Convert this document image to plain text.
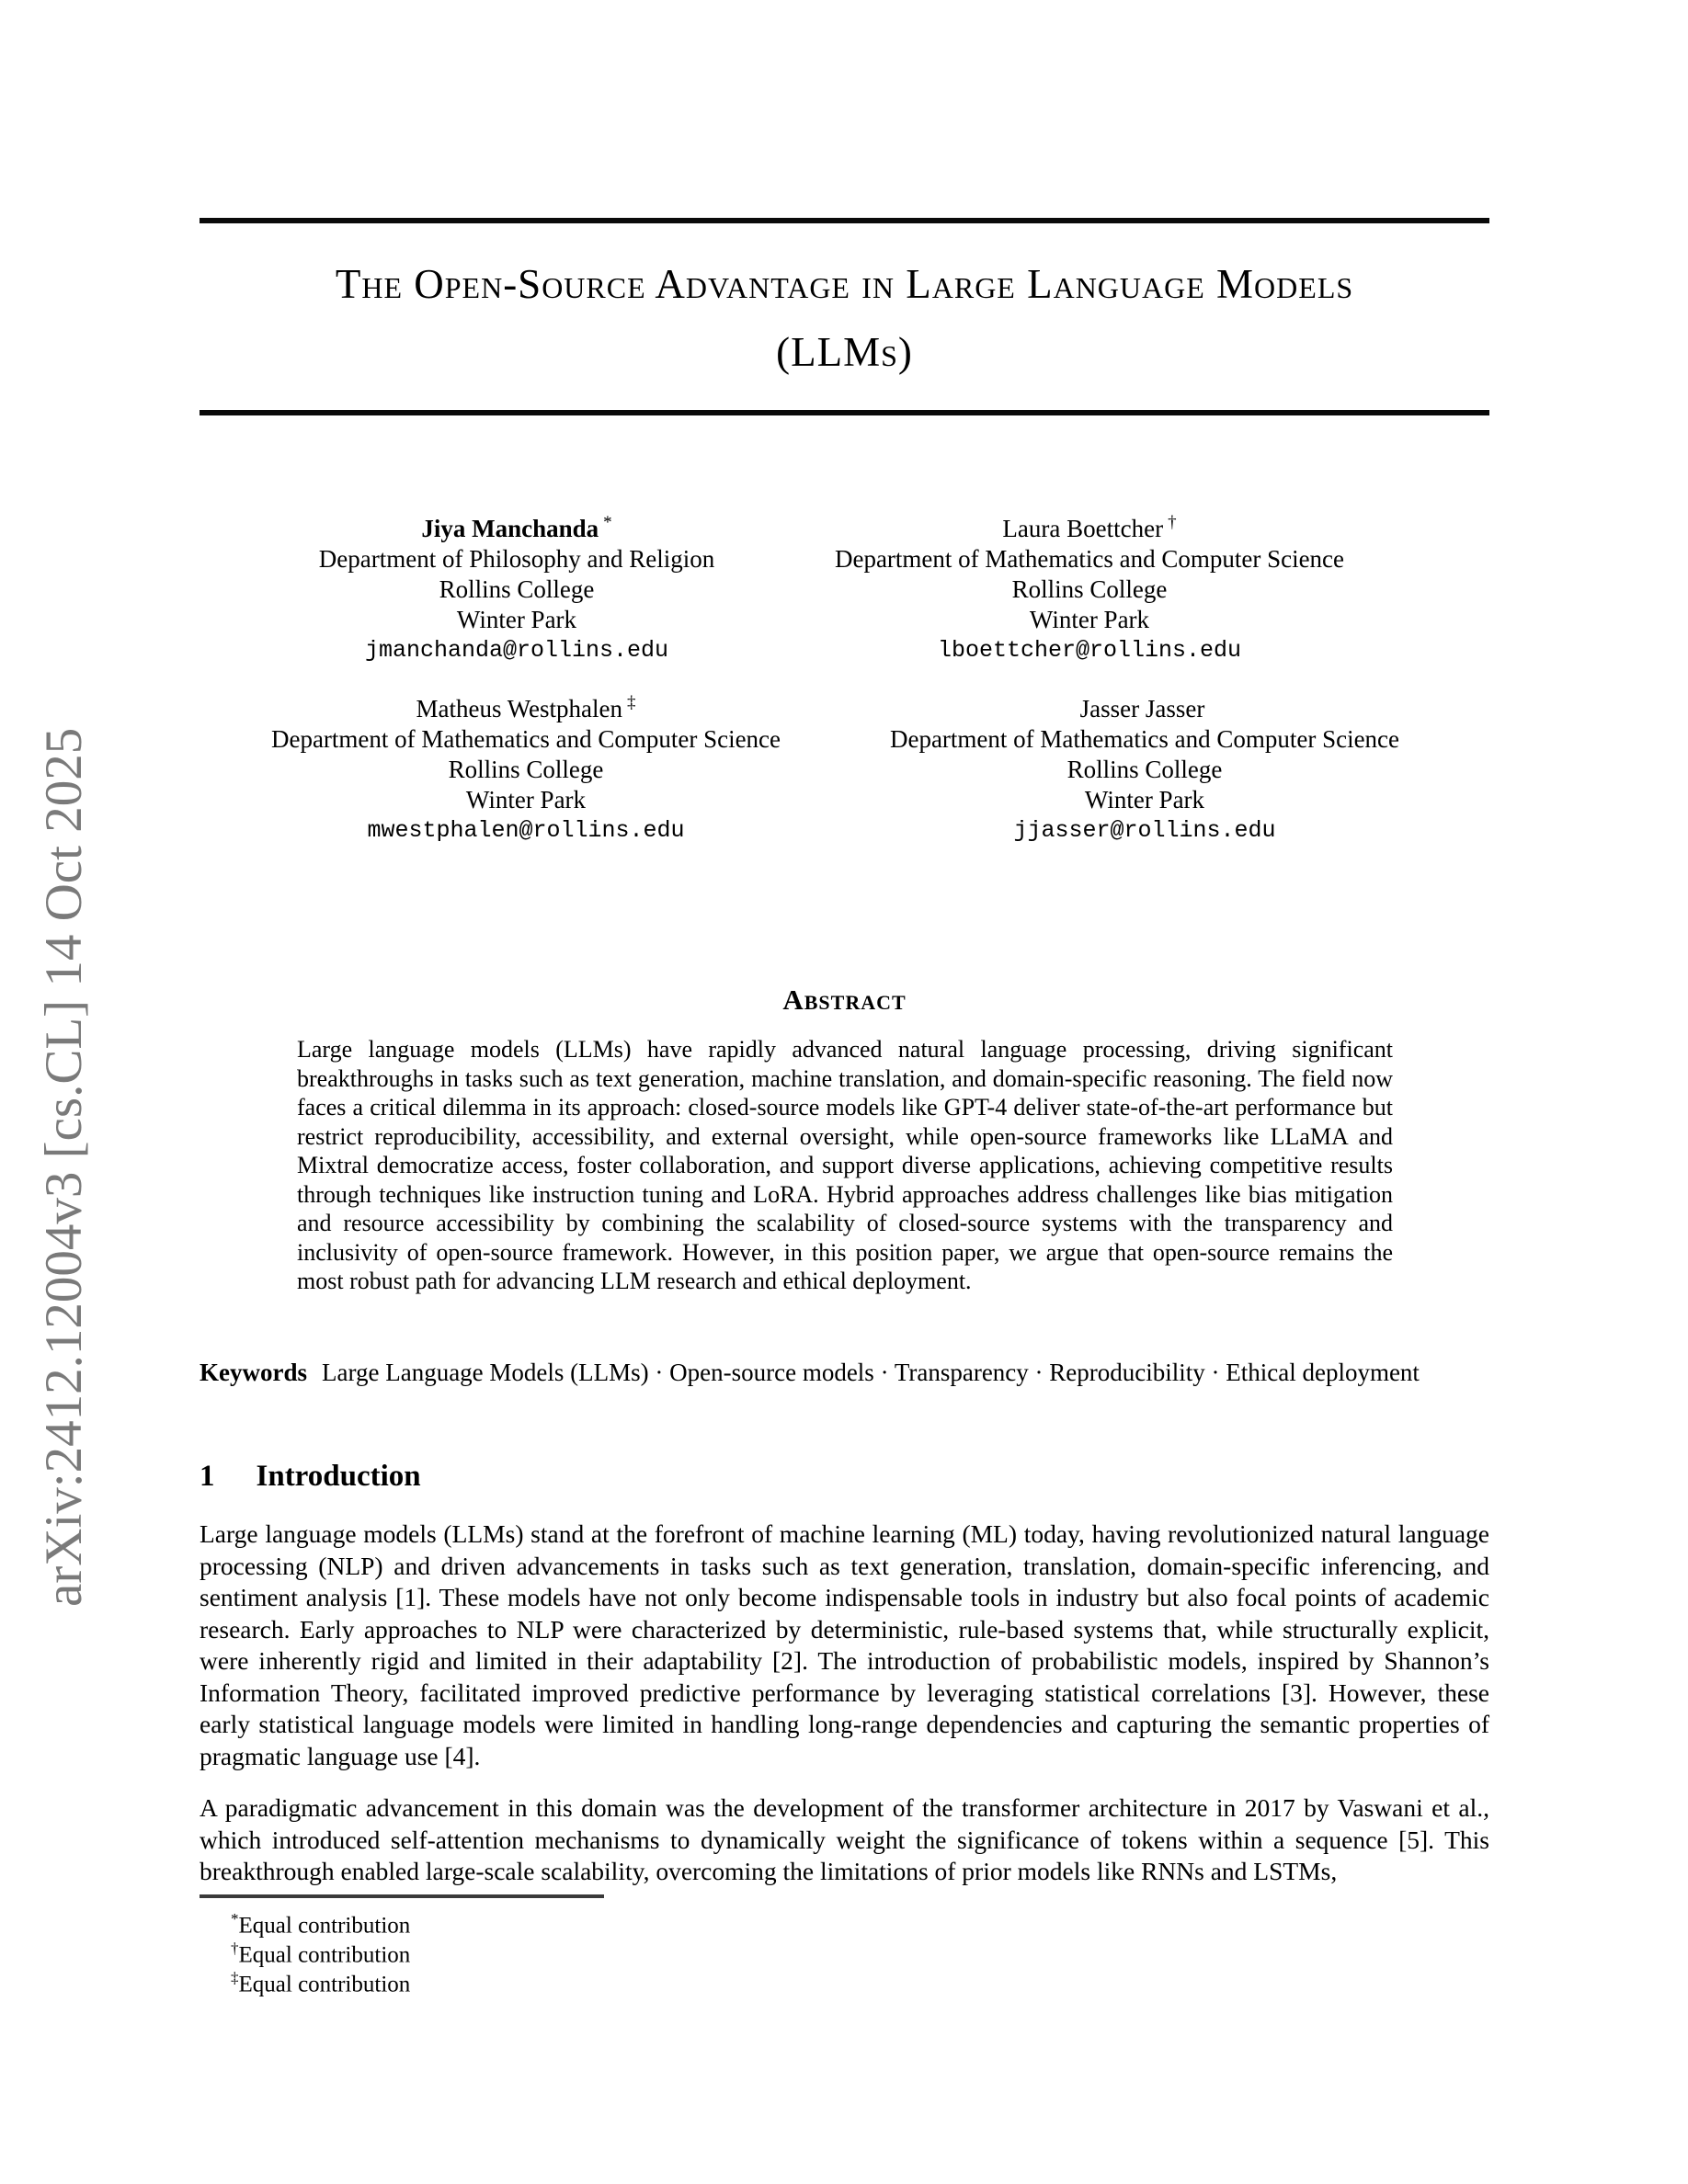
arXiv:2412.12004v3 [cs.CL] 14 Oct 2025
The Open-Source Advantage in Large Language Models
(LLMs)
Jiya Manchanda *
Department of Philosophy and Religion
Rollins College
Winter Park
jmanchanda@rollins.edu
Laura Boettcher †
Department of Mathematics and Computer Science
Rollins College
Winter Park
lboettcher@rollins.edu
Matheus Westphalen ‡
Department of Mathematics and Computer Science
Rollins College
Winter Park
mwestphalen@rollins.edu
Jasser Jasser
Department of Mathematics and Computer Science
Rollins College
Winter Park
jjasser@rollins.edu
Abstract

Large language models (LLMs) have rapidly advanced natural language processing, driving significant breakthroughs in tasks such as text generation, machine translation, and domain-specific reasoning. The field now faces a critical dilemma in its approach: closed-source models like GPT-4 deliver state-of-the-art performance but restrict reproducibility, accessibility, and external oversight, while open-source frameworks like LLaMA and Mixtral democratize access, foster collaboration, and support diverse applications, achieving competitive results through techniques like instruction tuning and LoRA. Hybrid approaches address challenges like bias mitigation and resource accessibility by combining the scalability of closed-source systems with the transparency and inclusivity of open-source framework. However, in this position paper, we argue that open-source remains the most robust path for advancing LLM research and ethical deployment.

Keywords Large Language Models (LLMs) · Open-source models · Transparency · Reproducibility · Ethical deployment

1 Introduction

Large language models (LLMs) stand at the forefront of machine learning (ML) today, having revolutionized natural language processing (NLP) and driven advancements in tasks such as text generation, translation, domain-specific inferencing, and sentiment analysis [1]. These models have not only become indispensable tools in industry but also focal points of academic research. Early approaches to NLP were characterized by deterministic, rule-based systems that, while structurally explicit, were inherently rigid and limited in their adaptability [2]. The introduction of probabilistic models, inspired by Shannon’s Information Theory, facilitated improved predictive performance by leveraging statistical correlations [3]. However, these early statistical language models were limited in handling long-range dependencies and capturing the semantic properties of pragmatic language use [4].

A paradigmatic advancement in this domain was the development of the transformer architecture in 2017 by Vaswani et al., which introduced self-attention mechanisms to dynamically weight the significance of tokens within a sequence [5]. This breakthrough enabled large-scale scalability, overcoming the limitations of prior models like RNNs and LSTMs,

*Equal contribution

†Equal contribution

‡Equal contribution
